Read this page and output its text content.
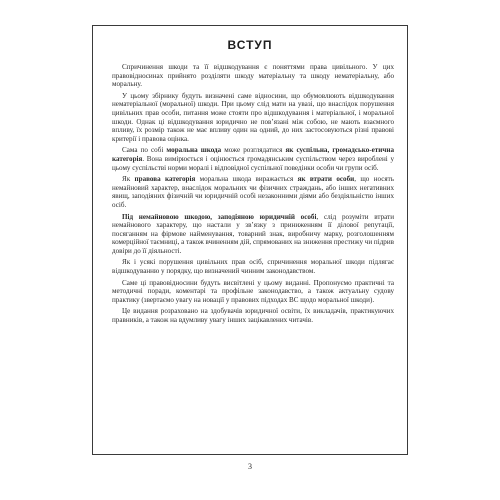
ВСТУП

Спричинення шкоди та її відшкодування є поняттями права цивільного. У цих правовідносинах прийнято розділяти шкоду матеріальну та шкоду нематеріальну, або моральну.

У цьому збірнику будуть визначені саме відносини, що обумовлюють відшкодування нематеріальної (моральної) шкоди. При цьому слід мати на увазі, що внаслідок порушення цивільних прав особи, питання може стояти про відшкодування і матеріальної, і моральної шкоди. Однак ці відшкодування юридично не пов’язані між собою, не мають взаємного впливу, їх розмір також не має впливу один на одний, до них застосовуються різні правові критерії і правова оцінка.

Сама по собі моральна шкода може розглядатися як суспільна, громадсько-етична категорія. Вона вимірюється і оцінюється громадянським суспільством через вироблені у цьому суспільстві норми моралі і відповідної суспільної поведінки особи чи групи осіб.

Як правова категорія моральна шкода виражається як втрати особи, що носять немайновий характер, внаслідок моральних чи фізичних страждань, або інших негативних явищ, заподіяних фізичній чи юридичній особі незаконними діями або бездіяльністю інших осіб.

Під немайновою шкодою, заподіяною юридичній особі, слід розуміти втрати немайнового характеру, що настали у зв’язку з приниженням її ділової репутації, посяганням на фірмове найменування, товарний знак, виробничу марку, розголошенням комерційної таємниці, а також вчиненням дій, спрямованих на зниження престижу чи підрив довіри до її діяльності.

Як і усякі порушення цивільних прав осіб, спричинення моральної шкоди підлягає відшкодуванню у порядку, що визначений чинним законодавством.

Саме ці правовідносини будуть висвітлені у цьому виданні. Пропонуємо практичні та методичні поради, коментарі та профільне законодавство, а також актуальну судову практику (звертаємо увагу на новації у правових підходах ВС щодо моральної шкоди).

Це видання розраховано на здобувачів юридичної освіти, їх викладачів, практикуючих правників, а також на вдумливу увагу інших зацікавлених читачів.

3
